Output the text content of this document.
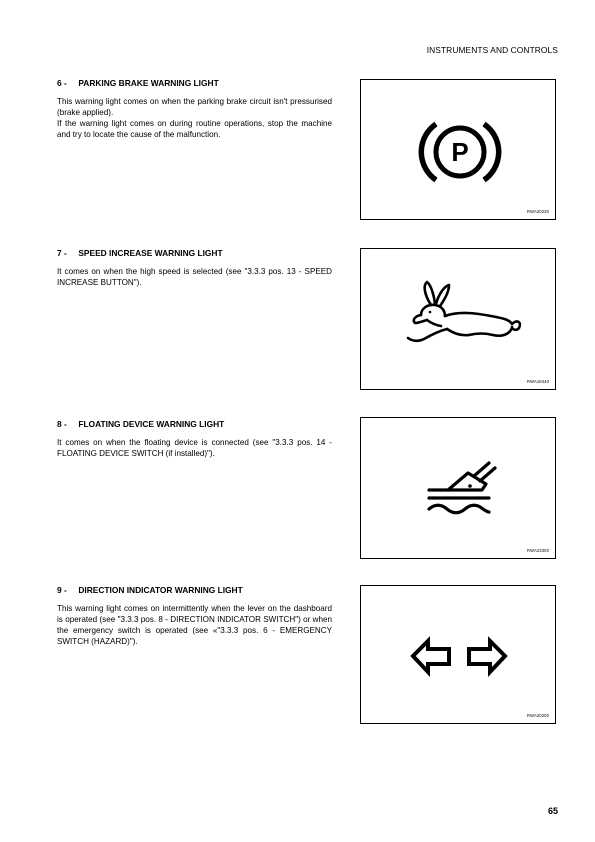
INSTRUMENTS AND CONTROLS
6 - PARKING BRAKE WARNING LIGHT

This warning light comes on when the parking brake circuit isn't pressurised (brake applied).

If the warning light comes on during routine operations, stop the machine and try to locate the cause of the malfunction.

P
RWA20230
7 - SPEED INCREASE WARNING LIGHT

It comes on when the high speed is selected (see "3.3.3 pos. 13 - SPEED INCREASE BUTTON").

RWA18440
8 - FLOATING DEVICE WARNING LIGHT

It comes on when the floating device is connected (see "3.3.3 pos. 14 - FLOATING DEVICE SWITCH (if installed)").

RWA23300
9 - DIRECTION INDICATOR WARNING LIGHT

This warning light comes on intermittently when the lever on the dashboard is operated (see "3.3.3 pos. 8 - DIRECTION INDICATOR SWITCH") or when the emergency switch is operated (see «"3.3.3 pos. 6 - EMERGENCY SWITCH (HAZARD)").

RWA20200
65
